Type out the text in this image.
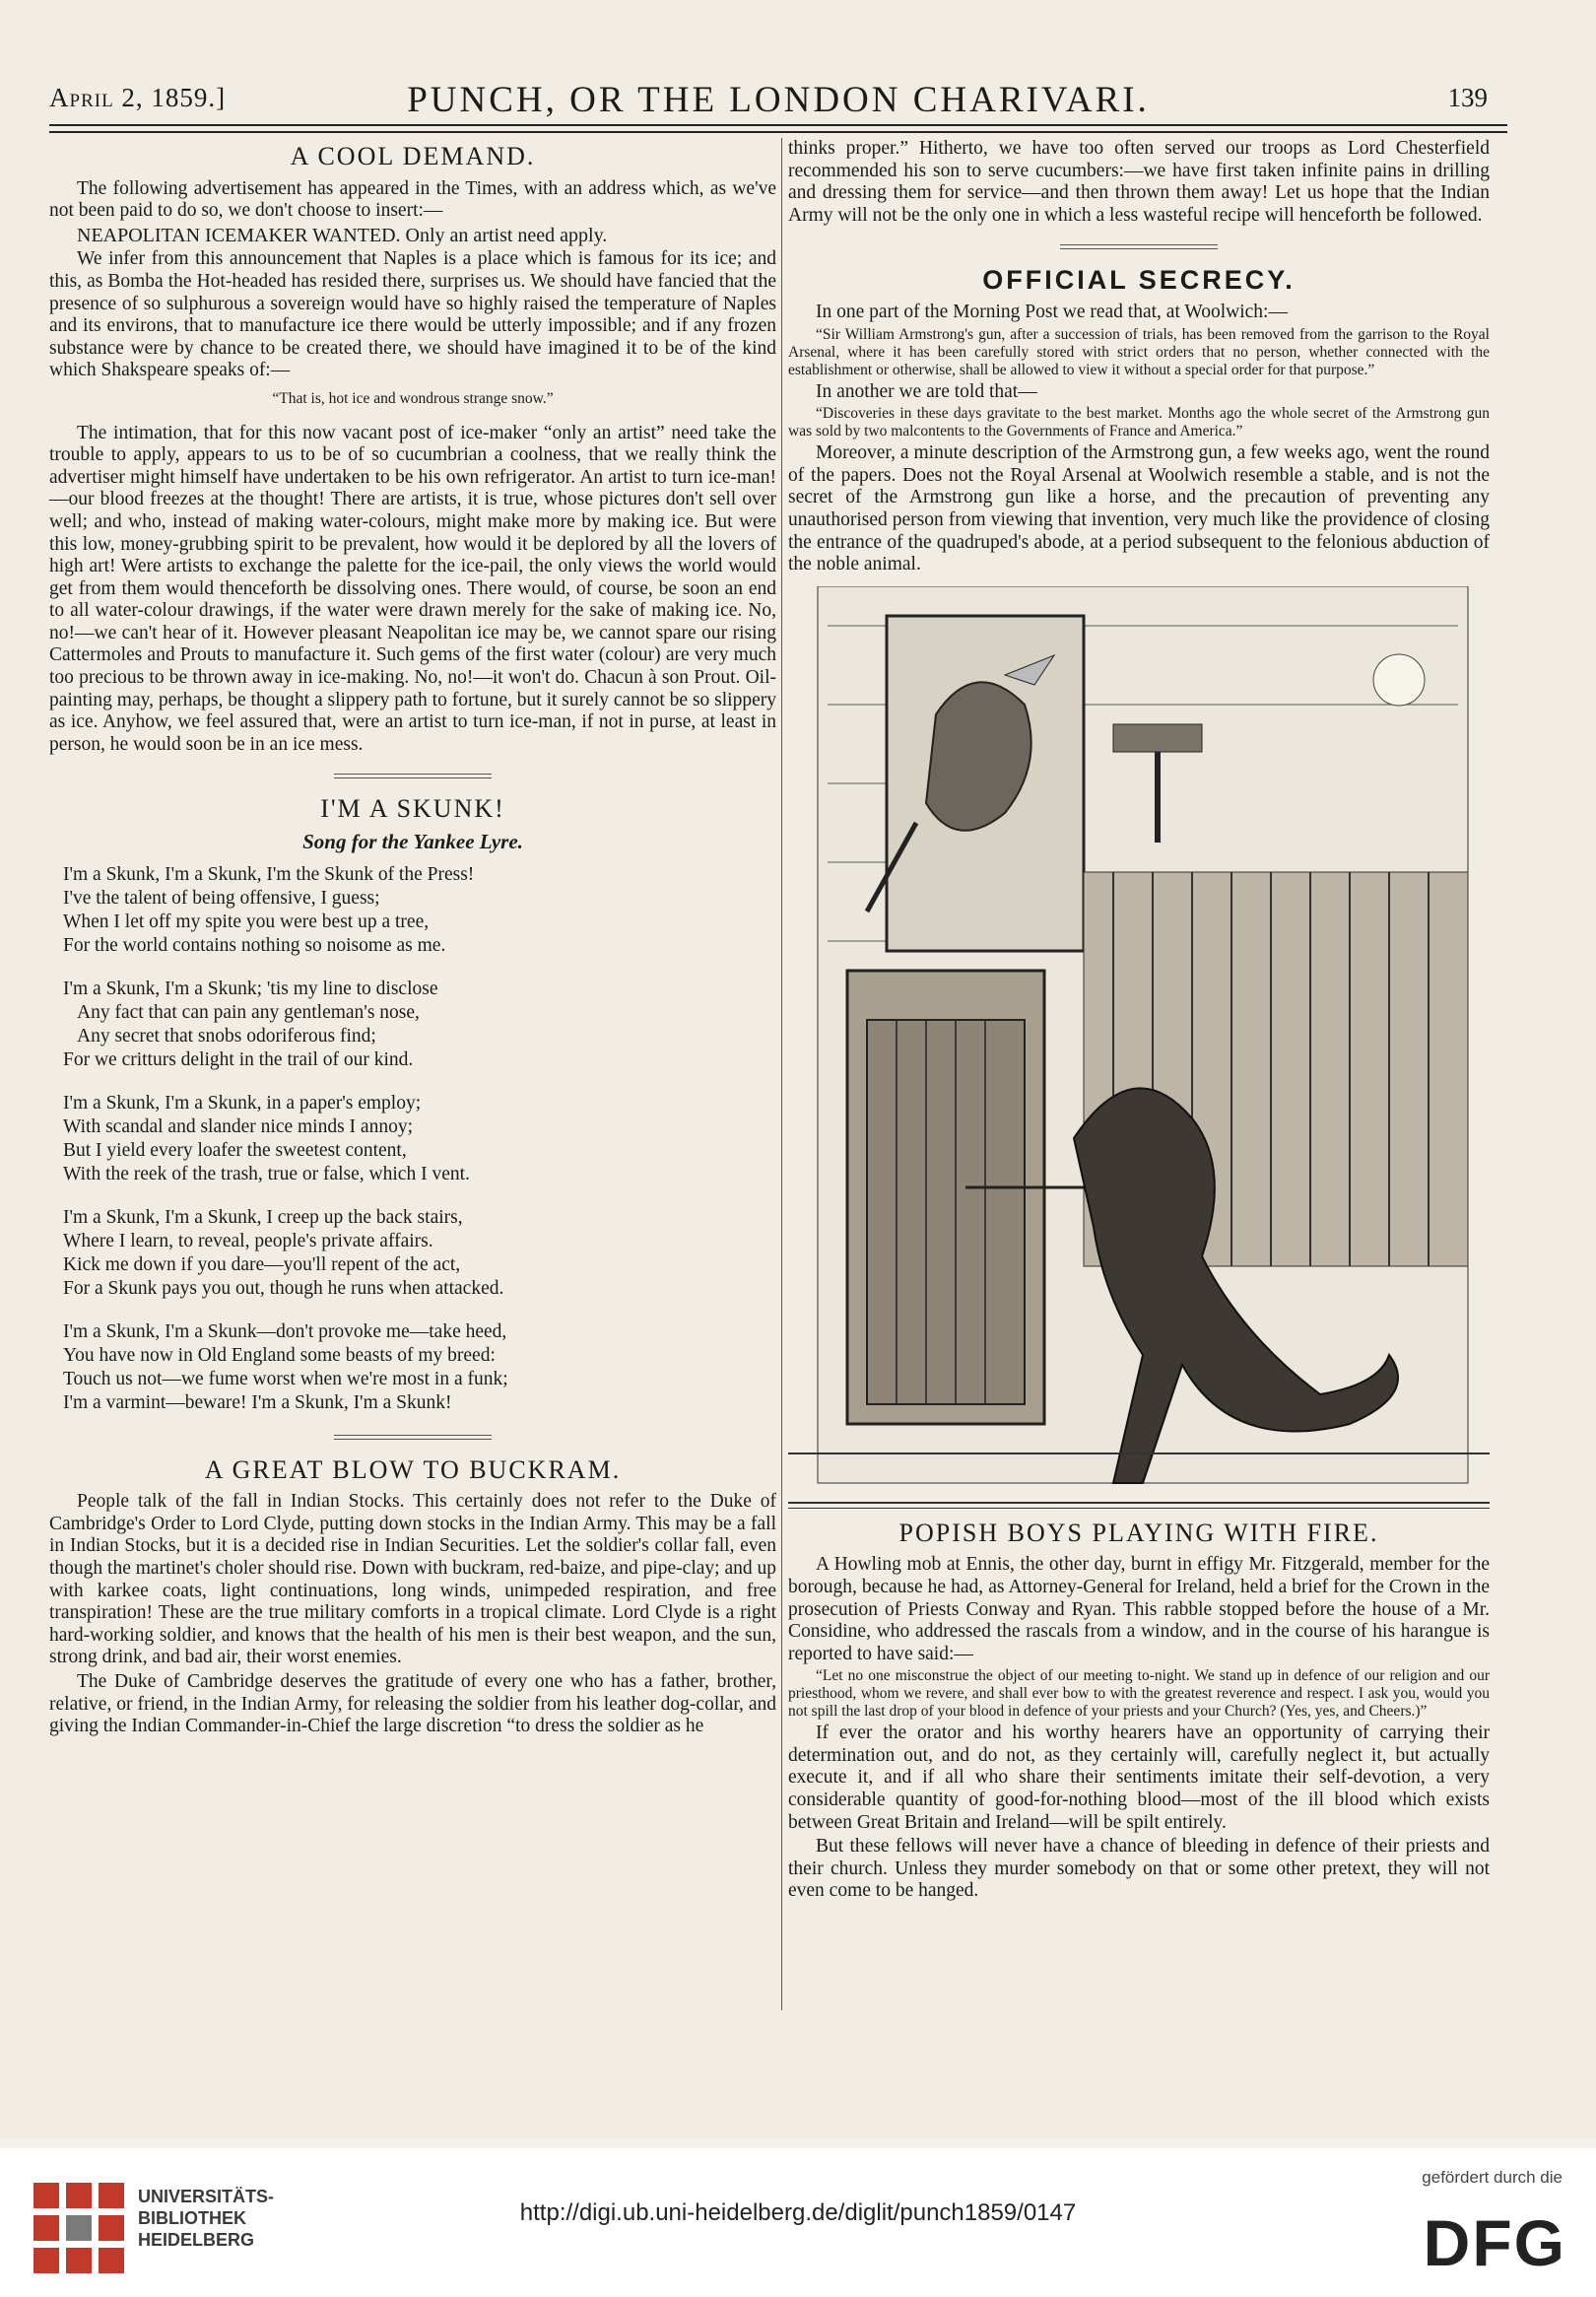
April 2, 1859.]	PUNCH, OR THE LONDON CHARIVARI.	139
A COOL DEMAND.

The following advertisement has appeared in the Times, with an address which, as we've not been paid to do so, we don't choose to insert:—

NEAPOLITAN ICEMAKER WANTED. Only an artist need apply.

We infer from this announcement that Naples is a place which is famous for its ice; and this, as Bomba the Hot-headed has resided there, surprises us. We should have fancied that the presence of so sulphurous a sovereign would have so highly raised the temperature of Naples and its environs, that to manufacture ice there would be utterly impossible; and if any frozen substance were by chance to be created there, we should have imagined it to be of the kind which Shakspeare speaks of:—

“That is, hot ice and wondrous strange snow.”

The intimation, that for this now vacant post of ice-maker “only an artist” need take the trouble to apply, appears to us to be of so cucumbrian a coolness, that we really think the advertiser might himself have undertaken to be his own refrigerator. An artist to turn ice-man!—our blood freezes at the thought! There are artists, it is true, whose pictures don't sell over well; and who, instead of making water-colours, might make more by making ice. But were this low, money-grubbing spirit to be prevalent, how would it be deplored by all the lovers of high art! Were artists to exchange the palette for the ice-pail, the only views the world would get from them would thenceforth be dissolving ones. There would, of course, be soon an end to all water-colour drawings, if the water were drawn merely for the sake of making ice. No, no!—we can't hear of it. However pleasant Neapolitan ice may be, we cannot spare our rising Cattermoles and Prouts to manufacture it. Such gems of the first water (colour) are very much too precious to be thrown away in ice-making. No, no!—it won't do. Chacun à son Prout. Oil-painting may, perhaps, be thought a slippery path to fortune, but it surely cannot be so slippery as ice. Anyhow, we feel assured that, were an artist to turn ice-man, if not in purse, at least in person, he would soon be in an ice mess.

I'M A SKUNK!
Song for the Yankee Lyre.
I'm a Skunk, I'm a Skunk, I'm the Skunk of the Press!
I've the talent of being offensive, I guess;
When I let off my spite you were best up a tree,
For the world contains nothing so noisome as me.
I'm a Skunk, I'm a Skunk; 'tis my line to disclose
Any fact that can pain any gentleman's nose,
Any secret that snobs odoriferous find;
For we critturs delight in the trail of our kind.
I'm a Skunk, I'm a Skunk, in a paper's employ;
With scandal and slander nice minds I annoy;
But I yield every loafer the sweetest content,
With the reek of the trash, true or false, which I vent.
I'm a Skunk, I'm a Skunk, I creep up the back stairs,
Where I learn, to reveal, people's private affairs.
Kick me down if you dare—you'll repent of the act,
For a Skunk pays you out, though he runs when attacked.
I'm a Skunk, I'm a Skunk—don't provoke me—take heed,
You have now in Old England some beasts of my breed:
Touch us not—we fume worst when we're most in a funk;
I'm a varmint—beware! I'm a Skunk, I'm a Skunk!
A GREAT BLOW TO BUCKRAM.

People talk of the fall in Indian Stocks. This certainly does not refer to the Duke of Cambridge's Order to Lord Clyde, putting down stocks in the Indian Army. This may be a fall in Indian Stocks, but it is a decided rise in Indian Securities. Let the soldier's collar fall, even though the martinet's choler should rise. Down with buckram, red-baize, and pipe-clay; and up with karkee coats, light continuations, long winds, unimpeded respiration, and free transpiration! These are the true military comforts in a tropical climate. Lord Clyde is a right hard-working soldier, and knows that the health of his men is their best weapon, and the sun, strong drink, and bad air, their worst enemies.

The Duke of Cambridge deserves the gratitude of every one who has a father, brother, relative, or friend, in the Indian Army, for releasing the soldier from his leather dog-collar, and giving the Indian Commander-in-Chief the large discretion “to dress the soldier as he

thinks proper.” Hitherto, we have too often served our troops as Lord Chesterfield recommended his son to serve cucumbers:—we have first taken infinite pains in drilling and dressing them for service—and then thrown them away! Let us hope that the Indian Army will not be the only one in which a less wasteful recipe will henceforth be followed.

OFFICIAL SECRECY.

In one part of the Morning Post we read that, at Woolwich:—

“Sir William Armstrong's gun, after a succession of trials, has been removed from the garrison to the Royal Arsenal, where it has been carefully stored with strict orders that no person, whether connected with the establishment or otherwise, shall be allowed to view it without a special order for that purpose.”

In another we are told that—

“Discoveries in these days gravitate to the best market. Months ago the whole secret of the Armstrong gun was sold by two malcontents to the Governments of France and America.”

Moreover, a minute description of the Armstrong gun, a few weeks ago, went the round of the papers. Does not the Royal Arsenal at Woolwich resemble a stable, and is not the secret of the Armstrong gun like a horse, and the precaution of preventing any unauthorised person from viewing that invention, very much like the providence of closing the entrance of the quadruped's abode, at a period subsequent to the felonious abduction of the noble animal.

POPISH BOYS PLAYING WITH FIRE.

A Howling mob at Ennis, the other day, burnt in effigy Mr. Fitzgerald, member for the borough, because he had, as Attorney-General for Ireland, held a brief for the Crown in the prosecution of Priests Conway and Ryan. This rabble stopped before the house of a Mr. Considine, who addressed the rascals from a window, and in the course of his harangue is reported to have said:—

“Let no one misconstrue the object of our meeting to-night. We stand up in defence of our religion and our priesthood, whom we revere, and shall ever bow to with the greatest reverence and respect. I ask you, would you not spill the last drop of your blood in defence of your priests and your Church? (Yes, yes, and Cheers.)”

If ever the orator and his worthy hearers have an opportunity of carrying their determination out, and do not, as they certainly will, carefully neglect it, but actually execute it, and if all who share their sentiments imitate their self-devotion, a very considerable quantity of good-for-nothing blood—most of the ill blood which exists between Great Britain and Ireland—will be spilt entirely.

But these fellows will never have a chance of bleeding in defence of their priests and their church. Unless they murder somebody on that or some other pretext, they will not even come to be hanged.

UNIVERSITÄTS-
BIBLIOTHEK
HEIDELBERG
http://digi.ub.uni-heidelberg.de/diglit/punch1859/0147
gefördert durch die
DFG
